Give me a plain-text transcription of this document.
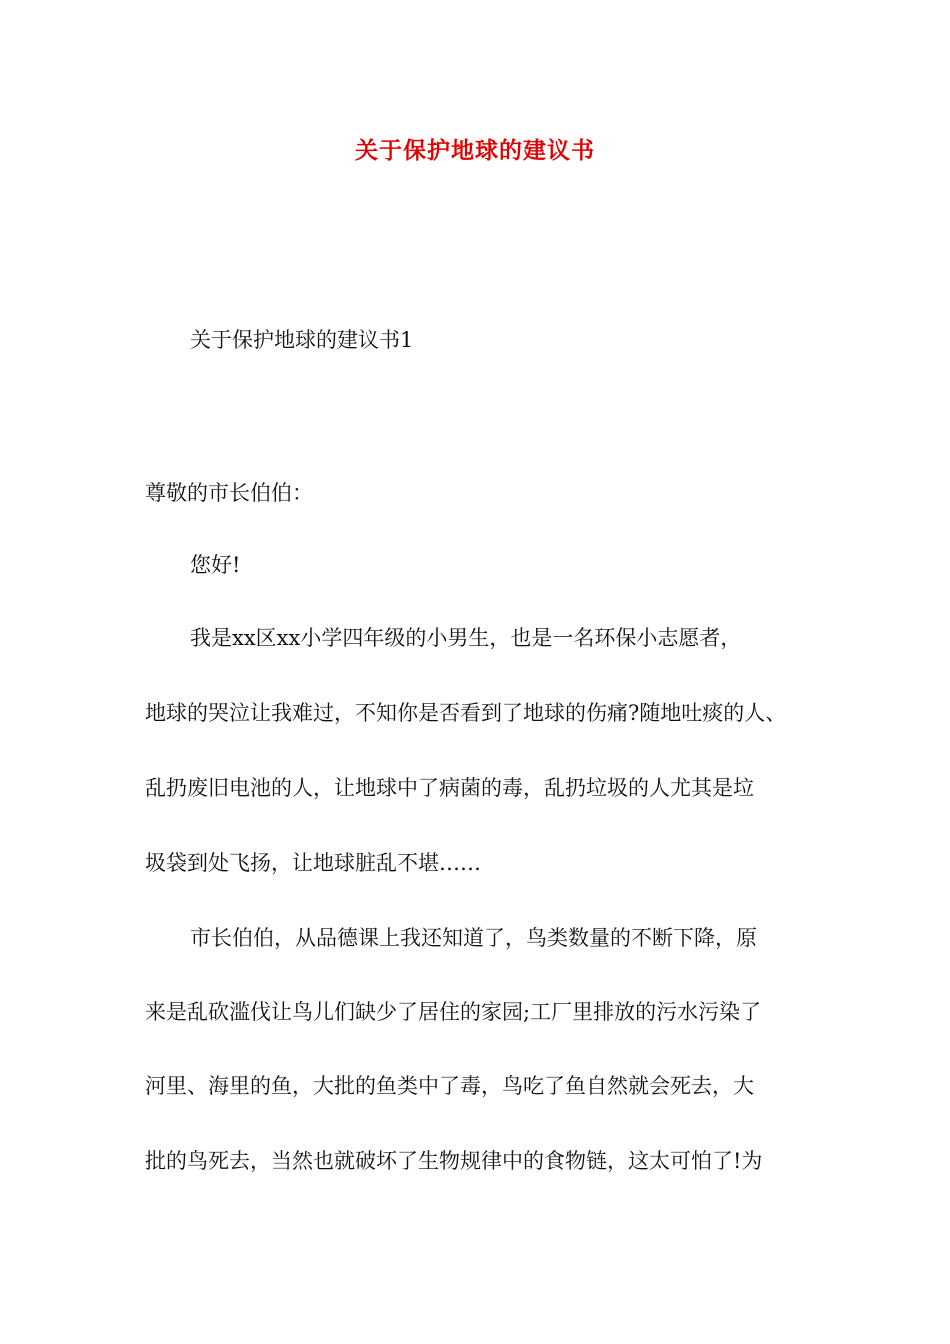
关于保护地球的建议书
关于保护地球的建议书1
尊敬的市长伯伯：
您好!
我是xx区xx小学四年级的小男生，也是一名环保小志愿者，
地球的哭泣让我难过，不知你是否看到了地球的伤痛?随地吐痰的人、
乱扔废旧电池的人，让地球中了病菌的毒，乱扔垃圾的人尤其是垃
圾袋到处飞扬，让地球脏乱不堪……
市长伯伯，从品德课上我还知道了，鸟类数量的不断下降，原
来是乱砍滥伐让鸟儿们缺少了居住的家园;工厂里排放的污水污染了
河里、海里的鱼，大批的鱼类中了毒，鸟吃了鱼自然就会死去，大
批的鸟死去，当然也就破坏了生物规律中的食物链，这太可怕了!为
